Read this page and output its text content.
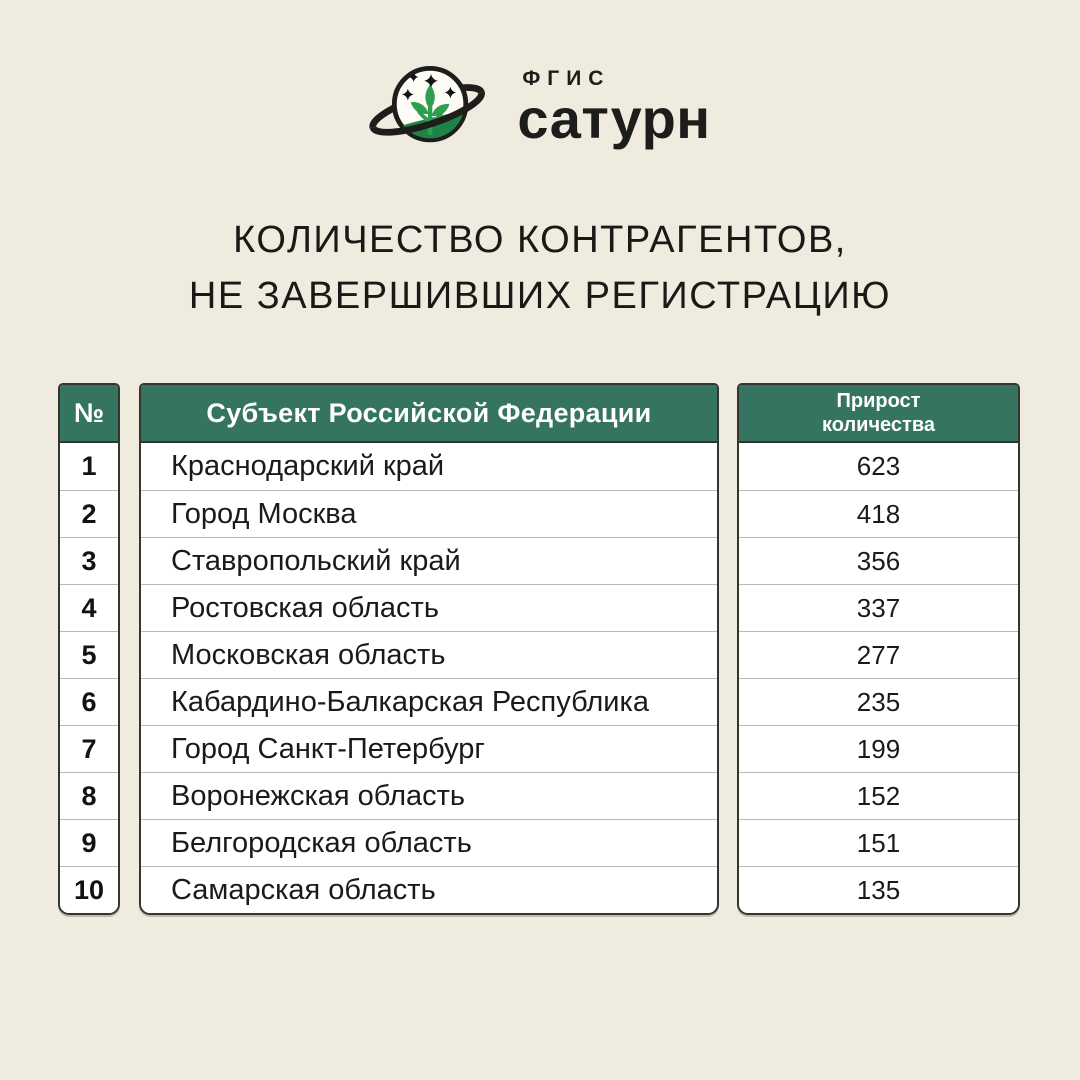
ФГИС
сатурн
КОЛИЧЕСТВО КОНТРАГЕНТОВ,
НЕ ЗАВЕРШИВШИХ РЕГИСТРАЦИЮ
№
1
2
3
4
5
6
7
8
9
10
Субъект Российской Федерации
Краснодарский край
Город Москва
Ставропольский край
Ростовская область
Московская область
Кабардино-Балкарская Республика
Город Санкт-Петербург
Воронежская область
Белгородская область
Самарская область
Прирост количества
623
418
356
337
277
235
199
152
151
135
